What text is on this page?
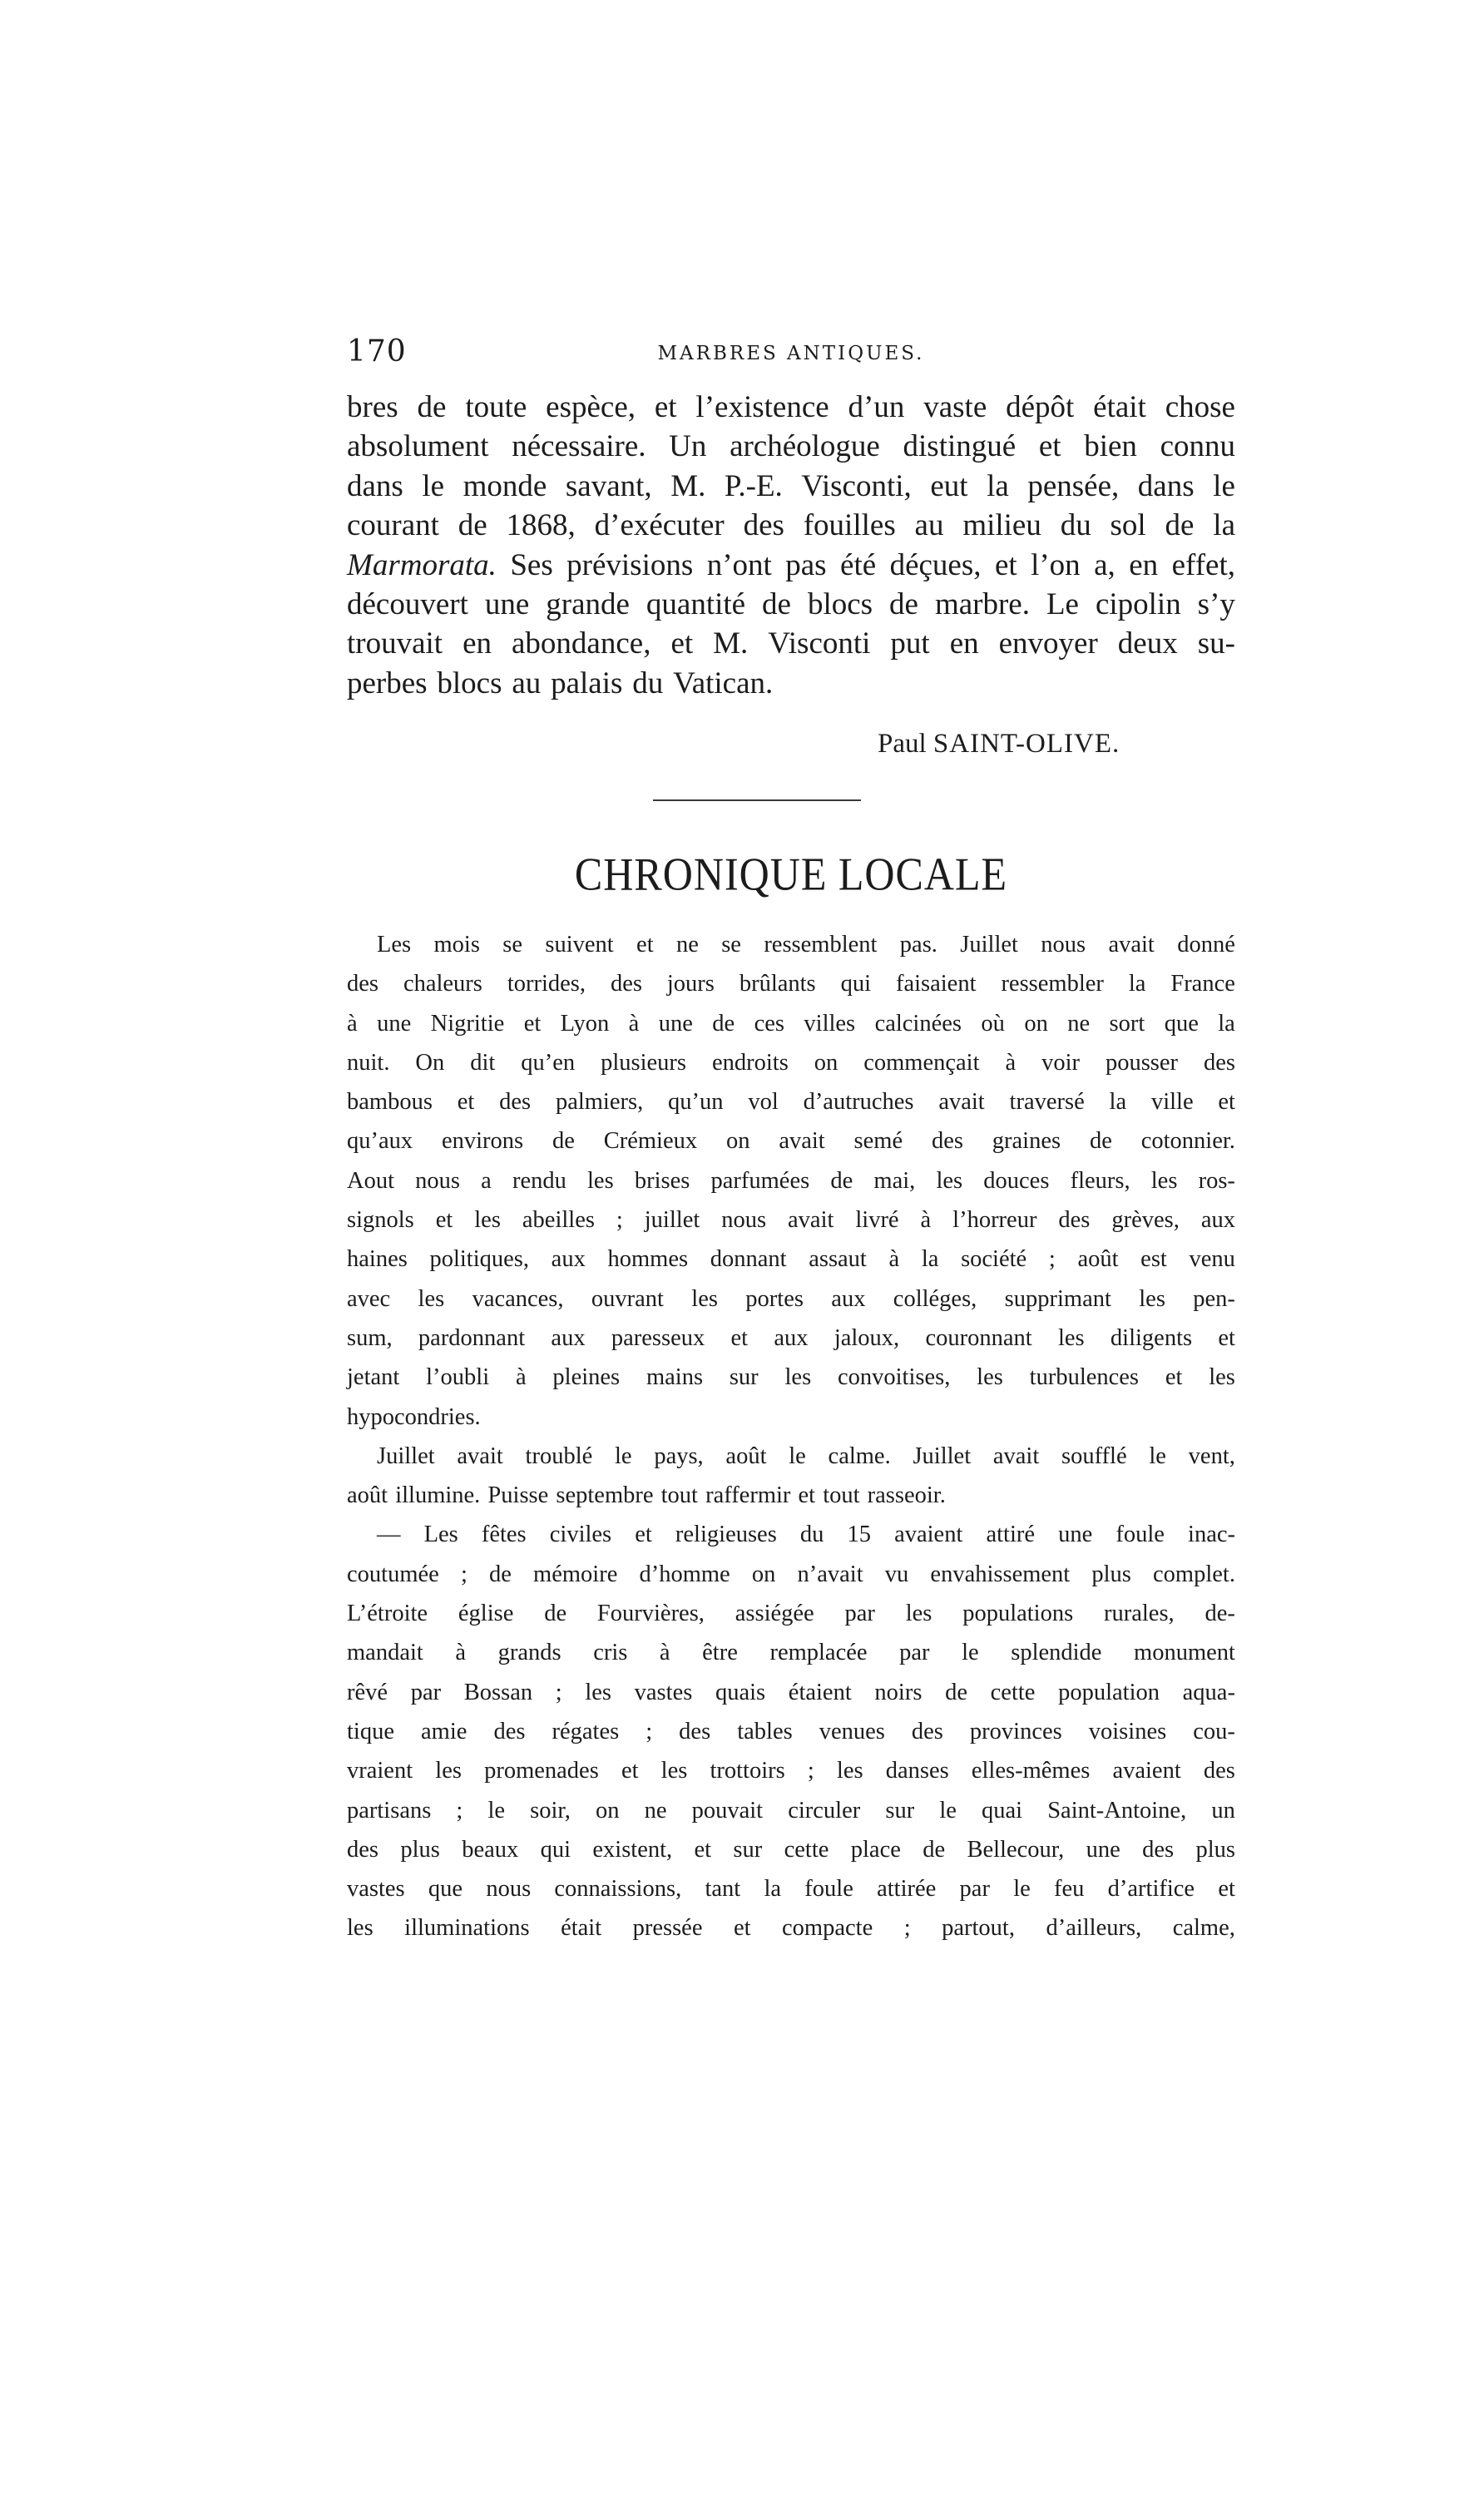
170	MARBRES ANTIQUES.
bres de toute espèce, et l’existence d’un vaste dépôt était chose
absolument nécessaire. Un archéologue distingué et bien connu
dans le monde savant, M. P.-E. Visconti, eut la pensée, dans le
courant de 1868, d’exécuter des fouilles au milieu du sol de la
Marmorata. Ses prévisions n’ont pas été déçues, et l’on a, en effet,
découvert une grande quantité de blocs de marbre. Le cipolin s’y
trouvait en abondance, et M. Visconti put en envoyer deux su-
perbes blocs au palais du Vatican.
Paul SAINT-OLIVE.
CHRONIQUE LOCALE
Les mois se suivent et ne se ressemblent pas. Juillet nous avait donné
des chaleurs torrides, des jours brûlants qui faisaient ressembler la France
à une Nigritie et Lyon à une de ces villes calcinées où on ne sort que la
nuit. On dit qu’en plusieurs endroits on commençait à voir pousser des
bambous et des palmiers, qu’un vol d’autruches avait traversé la ville et
qu’aux environs de Crémieux on avait semé des graines de cotonnier.
Aout nous a rendu les brises parfumées de mai, les douces fleurs, les ros-
signols et les abeilles ; juillet nous avait livré à l’horreur des grèves, aux
haines politiques, aux hommes donnant assaut à la société ; août est venu
avec les vacances, ouvrant les portes aux colléges, supprimant les pen-
sum, pardonnant aux paresseux et aux jaloux, couronnant les diligents et
jetant l’oubli à pleines mains sur les convoitises, les turbulences et les
hypocondries.
Juillet avait troublé le pays, août le calme. Juillet avait soufflé le vent,
août illumine. Puisse septembre tout raffermir et tout rasseoir.
— Les fêtes civiles et religieuses du 15 avaient attiré une foule inac-
coutumée ; de mémoire d’homme on n’avait vu envahissement plus complet.
L’étroite église de Fourvières, assiégée par les populations rurales, de-
mandait à grands cris à être remplacée par le splendide monument
rêvé par Bossan ; les vastes quais étaient noirs de cette population aqua-
tique amie des régates ; des tables venues des provinces voisines cou-
vraient les promenades et les trottoirs ; les danses elles-mêmes avaient des
partisans ; le soir, on ne pouvait circuler sur le quai Saint-Antoine, un
des plus beaux qui existent, et sur cette place de Bellecour, une des plus
vastes que nous connaissions, tant la foule attirée par le feu d’artifice et
les illuminations était pressée et compacte ; partout, d’ailleurs, calme,
